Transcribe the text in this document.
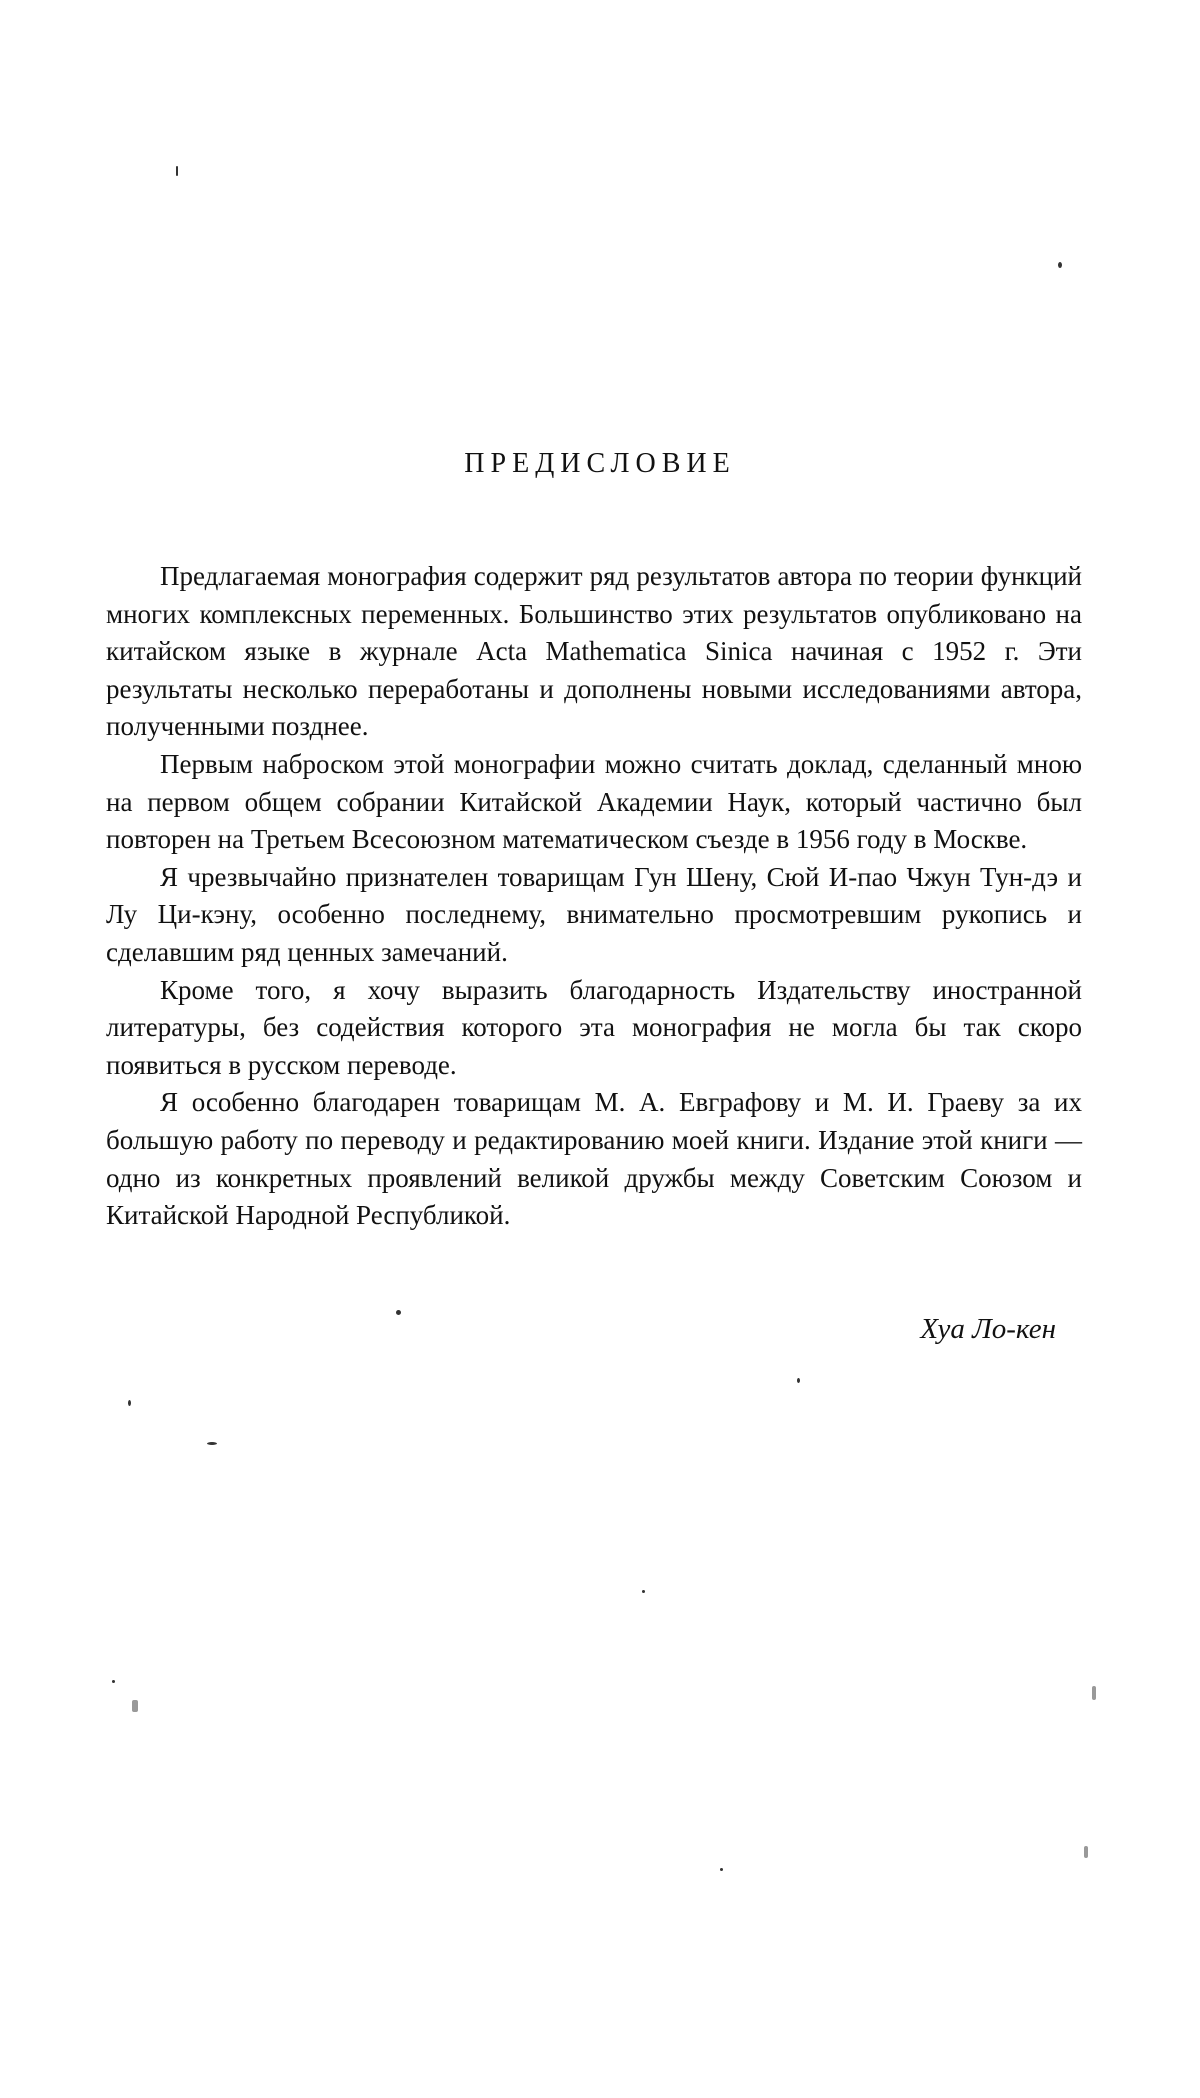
ПРЕДИСЛОВИЕ

Предлагаемая монография содержит ряд результатов автора по теории функций многих комплексных переменных. Большинство этих результатов опубликовано на китайском языке в журнале Acta Mathematica Sinica начиная с 1952 г. Эти результаты несколько переработаны и дополнены новыми исследованиями автора, полученными позднее.

Первым наброском этой монографии можно считать доклад, сделанный мною на первом общем собрании Китайской Академии Наук, который частично был повторен на Третьем Всесоюзном математическом съезде в 1956 году в Москве.

Я чрезвычайно признателен товарищам Гун Шену, Сюй И-пао Чжун Тун-дэ и Лу Ци-кэну, особенно последнему, внимательно просмотревшим рукопись и сделавшим ряд ценных замечаний.

Кроме того, я хочу выразить благодарность Издательству иностранной литературы, без содействия которого эта монография не могла бы так скоро появиться в русском переводе.

Я особенно благодарен товарищам М. А. Евграфову и М. И. Граеву за их большую работу по переводу и редактированию моей книги. Издание этой книги — одно из конкретных проявлений великой дружбы между Советским Союзом и Китайской Народной Республикой.

Хуа Ло-кен
